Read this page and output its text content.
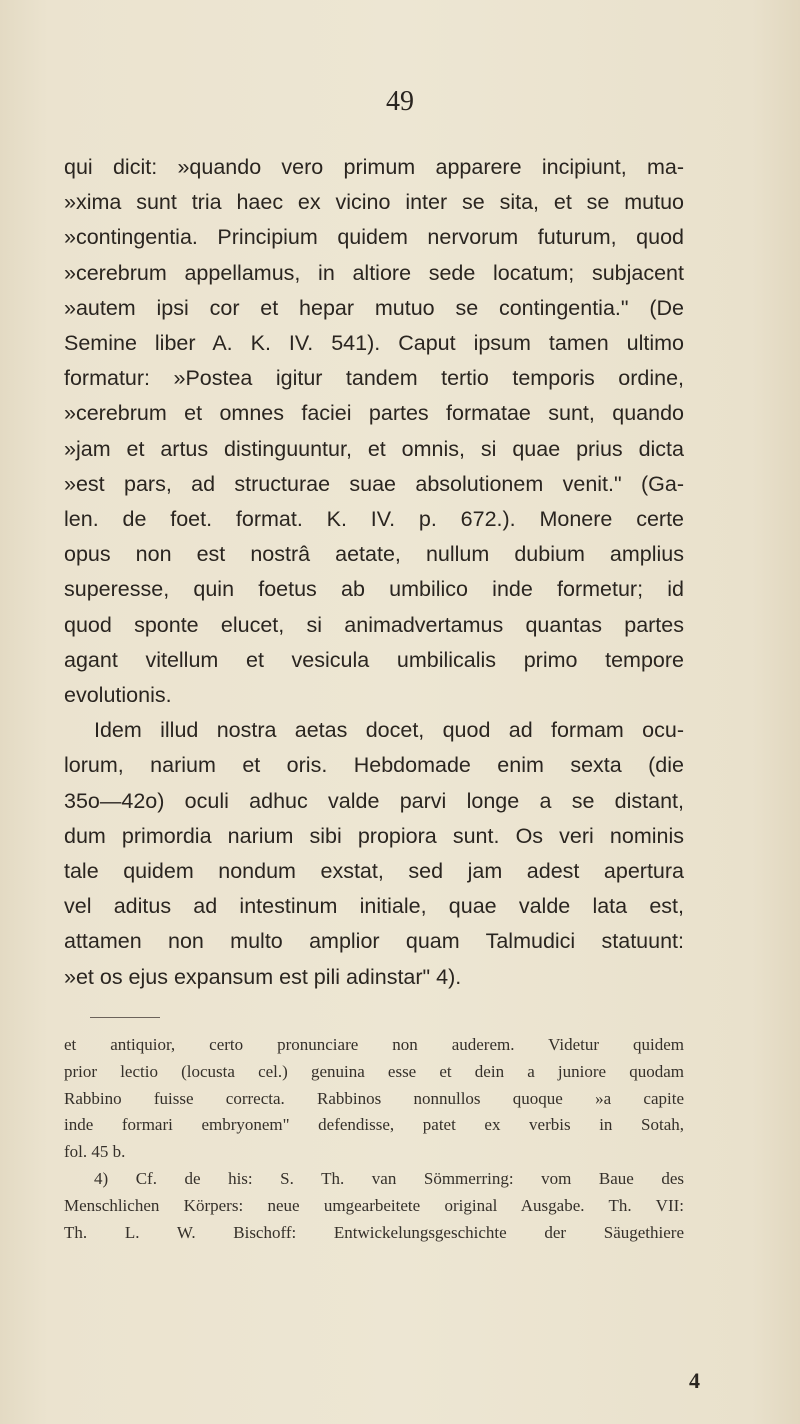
49
qui dicit: »quando vero primum apparere incipiunt, ma-
»xima sunt tria haec ex vicino inter se sita, et se mutuo
»contingentia. Principium quidem nervorum futurum, quod
»cerebrum appellamus, in altiore sede locatum; subjacent
»autem ipsi cor et hepar mutuo se contingentia." (De
Semine liber A. K. IV. 541). Caput ipsum tamen ultimo
formatur: »Postea igitur tandem tertio temporis ordine,
»cerebrum et omnes faciei partes formatae sunt, quando
»jam et artus distinguuntur, et omnis, si quae prius dicta
»est pars, ad structurae suae absolutionem venit." (Ga-
len. de foet. format. K. IV. p. 672.). Monere certe
opus non est nostrâ aetate, nullum dubium amplius
superesse, quin foetus ab umbilico inde formetur; id
quod sponte elucet, si animadvertamus quantas partes
agant vitellum et vesicula umbilicalis primo tempore
evolutionis.
Idem illud nostra aetas docet, quod ad formam ocu-
lorum, narium et oris. Hebdomade enim sexta (die
35o—42o) oculi adhuc valde parvi longe a se distant,
dum primordia narium sibi propiora sunt. Os veri nominis
tale quidem nondum exstat, sed jam adest apertura
vel aditus ad intestinum initiale, quae valde lata est,
attamen non multo amplior quam Talmudici statuunt:
»et os ejus expansum est pili adinstar" 4).
et antiquior, certo pronunciare non auderem. Videtur quidem
prior lectio (locusta cel.) genuina esse et dein a juniore quodam
Rabbino fuisse correcta. Rabbinos nonnullos quoque »a capite
inde formari embryonem" defendisse, patet ex verbis in Sotah,
fol. 45 b.
4) Cf. de his: S. Th. van Sömmerring: vom Baue des
Menschlichen Körpers: neue umgearbeitete original Ausgabe. Th. VII:
Th. L. W. Bischoff: Entwickelungsgeschichte der Säugethiere
4
